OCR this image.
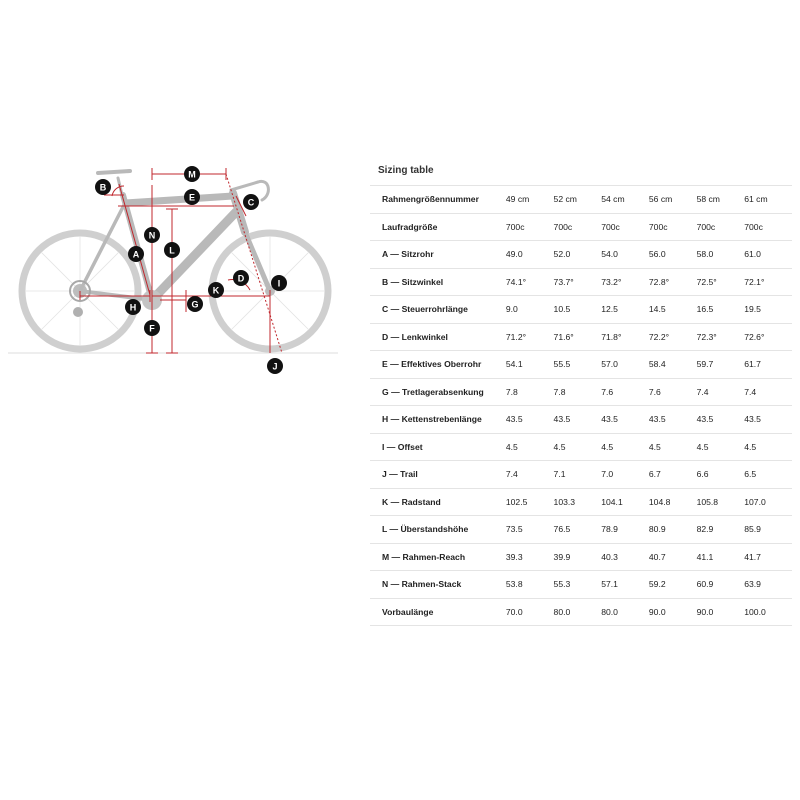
A
B
C
D
E
F
G
H
I
J
K
L
M
N
Sizing table
Rahmengrößennummer	49 cm	52 cm	54 cm	56 cm	58 cm	61 cm
Laufradgröße	700c	700c	700c	700c	700c	700c
A — Sitzrohr	49.0	52.0	54.0	56.0	58.0	61.0
B — Sitzwinkel	74.1°	73.7°	73.2°	72.8°	72.5°	72.1°
C — Steuerrohrlänge	9.0	10.5	12.5	14.5	16.5	19.5
D — Lenkwinkel	71.2°	71.6°	71.8°	72.2°	72.3°	72.6°
E — Effektives Oberrohr	54.1	55.5	57.0	58.4	59.7	61.7
G — Tretlagerabsenkung	7.8	7.8	7.6	7.6	7.4	7.4
H — Kettenstrebenlänge	43.5	43.5	43.5	43.5	43.5	43.5
I — Offset	4.5	4.5	4.5	4.5	4.5	4.5
J — Trail	7.4	7.1	7.0	6.7	6.6	6.5
K — Radstand	102.5	103.3	104.1	104.8	105.8	107.0
L — Überstandshöhe	73.5	76.5	78.9	80.9	82.9	85.9
M — Rahmen-Reach	39.3	39.9	40.3	40.7	41.1	41.7
N — Rahmen-Stack	53.8	55.3	57.1	59.2	60.9	63.9
Vorbaulänge	70.0	80.0	80.0	90.0	90.0	100.0
